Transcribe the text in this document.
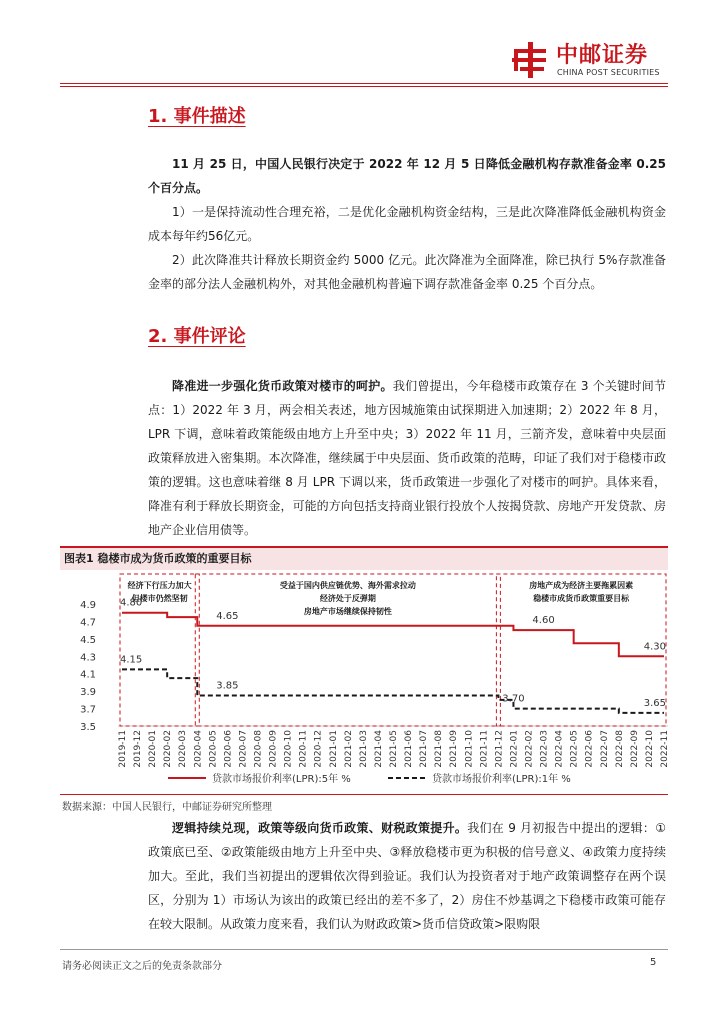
中邮证券
CHINA POST SECURITIES
1. 事件描述

11 月 25 日，中国人民银行决定于 2022 年 12 月 5 日降低金融机构存款准备金率 0.25 个百分点。

1）一是保持流动性合理充裕，二是优化金融机构资金结构，三是此次降准降低金融机构资金成本每年约56亿元。

2）此次降准共计释放长期资金约 5000 亿元。此次降准为全面降准，除已执行 5%存款准备金率的部分法人金融机构外，对其他金融机构普遍下调存款准备金率 0.25 个百分点。

2. 事件评论

降准进一步强化货币政策对楼市的呵护。我们曾提出，今年稳楼市政策存在 3 个关键时间节点：1）2022 年 3 月，两会相关表述，地方因城施策由试探期进入加速期；2）2022 年 8 月，LPR 下调，意味着政策能级由地方上升至中央；3）2022 年 11 月，三箭齐发，意味着中央层面政策释放进入密集期。本次降准，继续属于中央层面、货币政策的范畴，印证了我们对于稳楼市政策的逻辑。这也意味着继 8 月 LPR 下调以来，货币政策进一步强化了对楼市的呵护。具体来看，降准有利于释放长期资金，可能的方向包括支持商业银行投放个人按揭贷款、房地产开发贷款、房地产企业信用债等。

图表1 稳楼市成为货币政策的重要目标
4.9
4.7
4.5
4.3
4.1
3.9
3.7
3.5
经济下行压力加大
但楼市仍然坚韧
受益于国内供应链优势、海外需求拉动
经济处于反弹期
房地产市场继续保持韧性
房地产成为经济主要拖累因素
稳楼市成货币政策重要目标
4.80
4.15
4.65
3.85
4.60
3.70
4.30
3.65
2019-11 2019-12 2020-01 2020-02 2020-03 2020-04 2020-05 2020-06 2020-07 2020-08 2020-09 2020-10 2020-11 2020-12 2021-01 2021-02 2021-03 2021-04 2021-05 2021-06 2021-07 2021-08 2021-09 2021-10 2021-11 2021-12 2022-01 2022-02 2022-03 2022-04 2022-05 2022-06 2022-07 2022-08 2022-09 2022-10 2022-11
贷款市场报价利率(LPR):5年 %	贷款市场报价利率(LPR):1年 %
数据来源：中国人民银行，中邮证券研究所整理

逻辑持续兑现，政策等级向货币政策、财税政策提升。我们在 9 月初报告中提出的逻辑：①政策底已至、②政策能级由地方上升至中央、③释放稳楼市更为积极的信号意义、④政策力度持续加大。至此，我们当初提出的逻辑依次得到验证。我们认为投资者对于地产政策调整存在两个误区，分别为 1）市场认为该出的政策已经出的差不多了，2）房住不炒基调之下稳楼市政策可能存在较大限制。从政策力度来看，我们认为财政政策>货币信贷政策>限购限

请务必阅读正文之后的免责条款部分	5
